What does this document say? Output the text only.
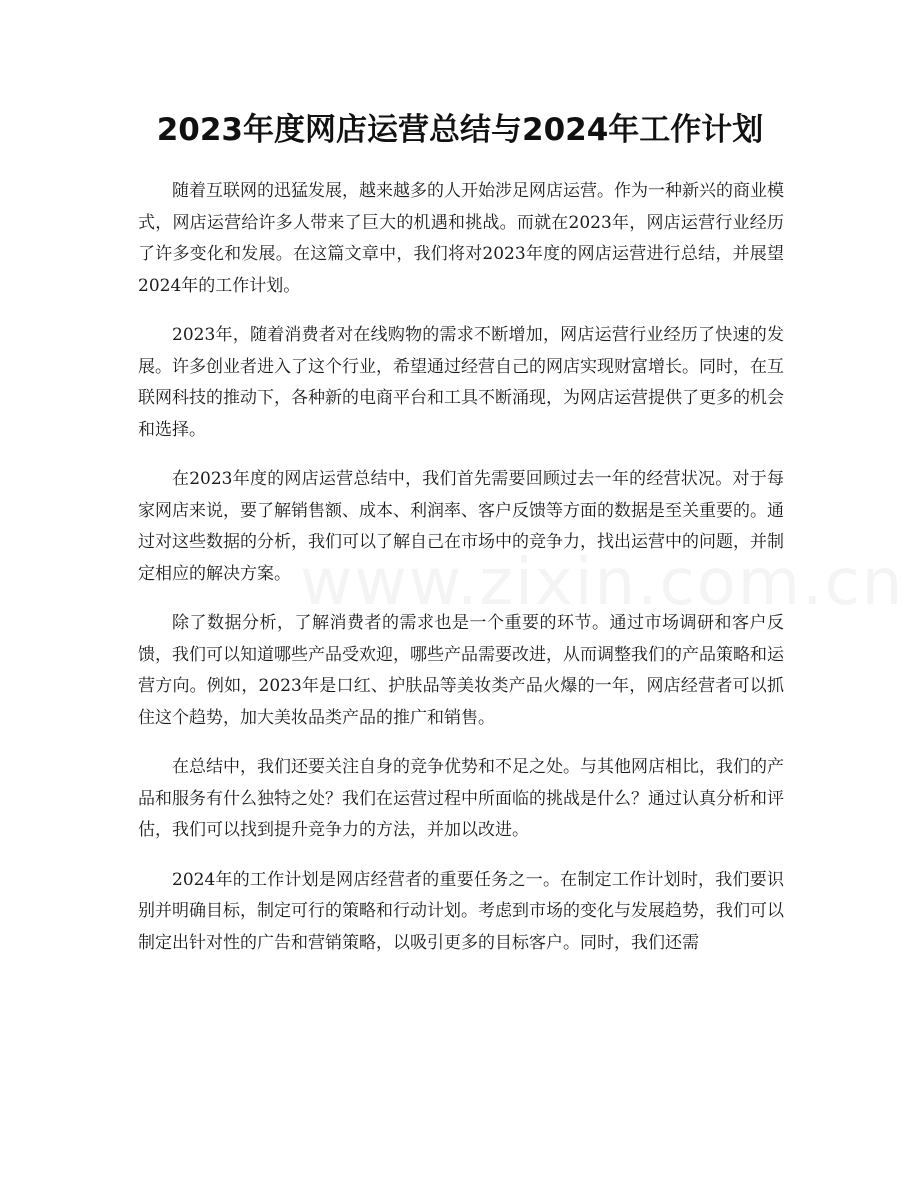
2023年度网店运营总结与2024年工作计划

随着互联网的迅猛发展，越来越多的人开始涉足网店运营。作为一种新兴的商业模式，网店运营给许多人带来了巨大的机遇和挑战。而就在2023年，网店运营行业经历了许多变化和发展。在这篇文章中，我们将对2023年度的网店运营进行总结，并展望2024年的工作计划。

2023年，随着消费者对在线购物的需求不断增加，网店运营行业经历了快速的发展。许多创业者进入了这个行业，希望通过经营自己的网店实现财富增长。同时，在互联网科技的推动下，各种新的电商平台和工具不断涌现，为网店运营提供了更多的机会和选择。

在2023年度的网店运营总结中，我们首先需要回顾过去一年的经营状况。对于每家网店来说，要了解销售额、成本、利润率、客户反馈等方面的数据是至关重要的。通过对这些数据的分析，我们可以了解自己在市场中的竞争力，找出运营中的问题，并制定相应的解决方案。

除了数据分析，了解消费者的需求也是一个重要的环节。通过市场调研和客户反馈，我们可以知道哪些产品受欢迎，哪些产品需要改进，从而调整我们的产品策略和运营方向。例如，2023年是口红、护肤品等美妆类产品火爆的一年，网店经营者可以抓住这个趋势，加大美妆品类产品的推广和销售。

在总结中，我们还要关注自身的竞争优势和不足之处。与其他网店相比，我们的产品和服务有什么独特之处？我们在运营过程中所面临的挑战是什么？通过认真分析和评估，我们可以找到提升竞争力的方法，并加以改进。

2024年的工作计划是网店经营者的重要任务之一。在制定工作计划时，我们要识别并明确目标，制定可行的策略和行动计划。考虑到市场的变化与发展趋势，我们可以制定出针对性的广告和营销策略，以吸引更多的目标客户。同时，我们还需

www.zixin.com.cn
